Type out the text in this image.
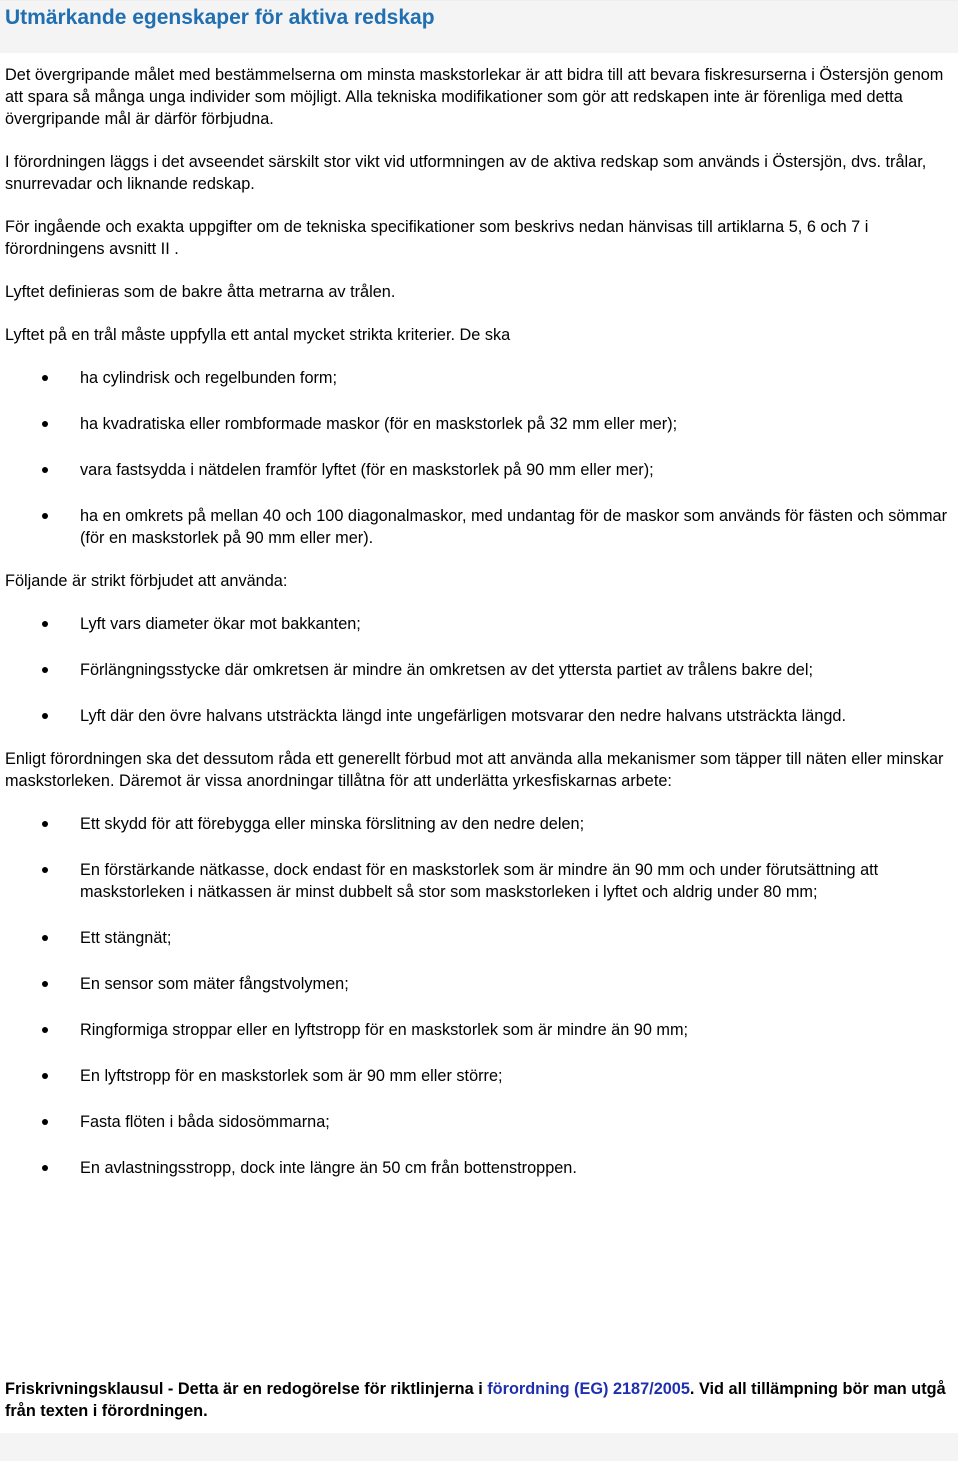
Utmärkande egenskaper för aktiva redskap

Det övergripande målet med bestämmelserna om minsta maskstorlekar är att bidra till att bevara fiskresurserna i Östersjön genom att spara så många unga individer som möjligt. Alla tekniska modifikationer som gör att redskapen inte är förenliga med detta övergripande mål är därför förbjudna.

I förordningen läggs i det avseendet särskilt stor vikt vid utformningen av de aktiva redskap som används i Östersjön, dvs. trålar, snurrevadar och liknande redskap.

För ingående och exakta uppgifter om de tekniska specifikationer som beskrivs nedan hänvisas till artiklarna 5, 6 och 7 i förordningens avsnitt II .

Lyftet definieras som de bakre åtta metrarna av trålen.

Lyftet på en trål måste uppfylla ett antal mycket strikta kriterier. De ska

ha cylindrisk och regelbunden form;
ha kvadratiska eller rombformade maskor (för en maskstorlek på 32 mm eller mer);
vara fastsydda i nätdelen framför lyftet (för en maskstorlek på 90 mm eller mer);
ha en omkrets på mellan 40 och 100 diagonalmaskor, med undantag för de maskor som används för fästen och sömmar (för en maskstorlek på 90 mm eller mer).

Följande är strikt förbjudet att använda:

Lyft vars diameter ökar mot bakkanten;
Förlängningsstycke där omkretsen är mindre än omkretsen av det yttersta partiet av trålens bakre del;
Lyft där den övre halvans utsträckta längd inte ungefärligen motsvarar den nedre halvans utsträckta längd.

Enligt förordningen ska det dessutom råda ett generellt förbud mot att använda alla mekanismer som täpper till näten eller minskar maskstorleken. Däremot är vissa anordningar tillåtna för att underlätta yrkesfiskarnas arbete:

Ett skydd för att förebygga eller minska förslitning av den nedre delen;
En förstärkande nätkasse, dock endast för en maskstorlek som är mindre än 90 mm och under förutsättning att maskstorleken i nätkassen är minst dubbelt så stor som maskstorleken i lyftet och aldrig under 80 mm;
Ett stängnät;
En sensor som mäter fångstvolymen;
Ringformiga stroppar eller en lyftstropp för en maskstorlek som är mindre än 90 mm;
En lyftstropp för en maskstorlek som är 90 mm eller större;
Fasta flöten i båda sidosömmarna;
En avlastningsstropp, dock inte längre än 50 cm från bottenstroppen.
Friskrivningsklausul - Detta är en redogörelse för riktlinjerna i förordning (EG) 2187/2005. Vid all tillämpning bör man utgå från texten i förordningen.
